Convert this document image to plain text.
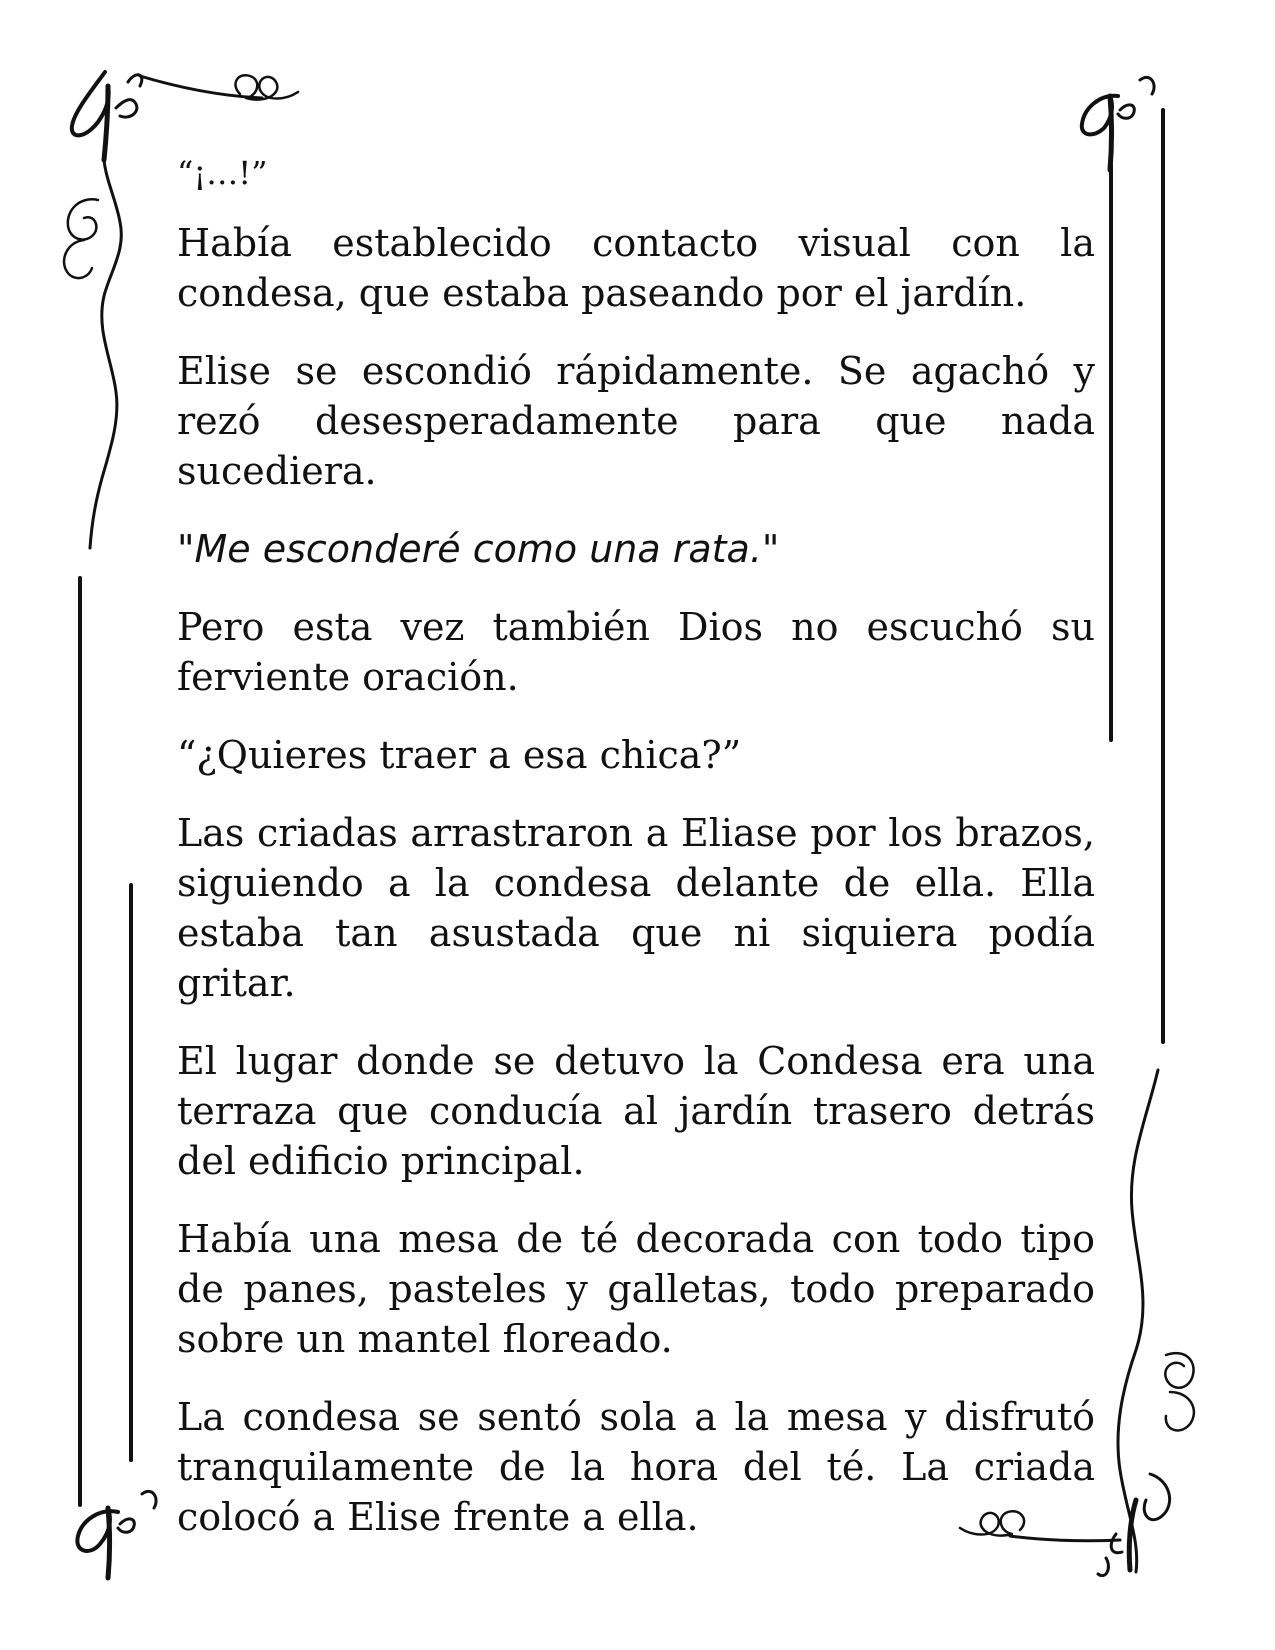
“¡…!”

Había establecido contacto visual con la condesa, que estaba paseando por el jardín.

Elise se escondió rápidamente. Se agachó y rezó desesperadamente para que nada sucediera.

"Me esconderé como una rata."

Pero esta vez también Dios no escuchó su ferviente oración.

“¿Quieres traer a esa chica?”

Las criadas arrastraron a Eliase por los brazos, siguiendo a la condesa delante de ella. Ella estaba tan asustada que ni siquiera podía gritar.

El lugar donde se detuvo la Condesa era una terraza que conducía al jardín trasero detrás del edificio principal.

Había una mesa de té decorada con todo tipo de panes, pasteles y galletas, todo preparado sobre un mantel floreado.

La condesa se sentó sola a la mesa y disfrutó tranquilamente de la hora del té. La criada colocó a Elise frente a ella.
